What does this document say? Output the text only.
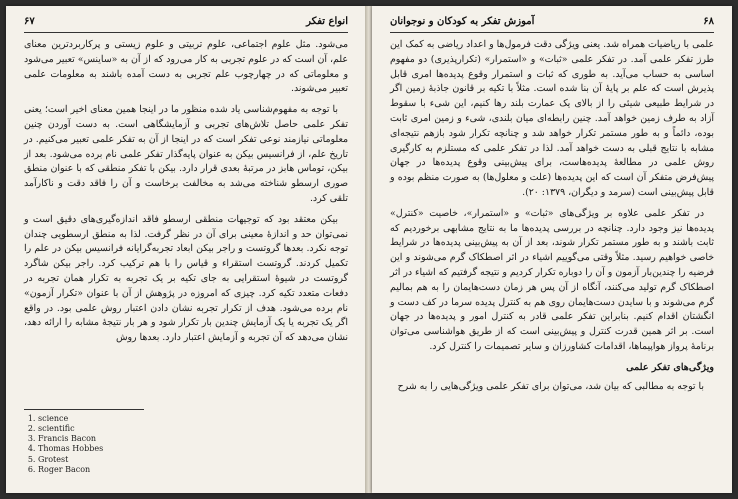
۶۷	انواع تفکر

می‌شود. مثل علوم اجتماعی، علوم تربیتی و علوم زیستی و پرکاربردترین معنای علم، آن است که در علوم تجربی به کار می‌رود که از آن به «ساینس» تعبیر می‌شود و معلوماتی که در چهارچوب علم تجربی به دست آمده باشند به معلومات علمی تعبیر می‌شوند.

با توجه به مفهوم‌شناسی یاد شده منظور ما در اینجا همین معنای اخیر است؛ یعنی تفکر علمی حاصل تلاش‌های تجربی و آزمایشگاهی است. به دست آوردن چنین معلوماتی نیازمند نوعی تفکر است که در اینجا از آن به تفکر علمی تعبیر می‌کنیم. در تاریخ علم، از فرانسیس بیکن به عنوان پایه‌گذار تفکر علمی نام برده می‌شود. بعد از بیکن، توماس هابز در مرتبهٔ بعدی قرار دارد. بیکن با تفکر منطقی که با عنوان منطق صوری ارسطو شناخته می‌شد به مخالفت برخاست و آن را فاقد دقت و ناکارآمد تلقی کرد.

بیکن معتقد بود که توجیهات منطقی ارسطو فاقد اندازه‌گیری‌های دقیق است و نمی‌توان حد و اندازهٔ معینی برای آن در نظر گرفت. لذا به منطق ارسطویی چندان توجه نکرد. بعدها گروتست و راجر بیکن ابعاد تجربه‌گرایانه فرانسیس بیکن در علم را تکمیل کردند. گروتست استقراء و قیاس را با هم ترکیب کرد. راجر بیکن شاگرد گروتست در شیوهٔ استقرایی به جای تکیه بر یک تجربه به تکرار همان تجربه در دفعات متعدد تکیه کرد. چیزی که امروزه در پژوهش از آن با عنوان «تکرار آزمون» نام برده می‌شود. هدف از تکرار تجربه نشان دادن اعتبار روش علمی بود. در واقع اگر یک تجربه یا یک آزمایش چندین بار تکرار شود و هر بار نتیجهٔ مشابه را ارائه دهد، نشان می‌دهد که آن تجربه و آزمایش اعتبار دارد. بعدها روش

1. science
2. scientific
3. Francis Bacon
4. Thomas Hobbes
5. Grotest
6. Roger Bacon
۶۸
آموزش تفکر به کودکان و نوجوانان

علمی با ریاضیات همراه شد. یعنی ویژگی دقت فرمول‌ها و اعداد ریاضی به کمک این طرز تفکر علمی آمد. در تفکر علمی «ثبات» و «استمرار» (تکرارپذیری) دو مفهوم اساسی به حساب می‌آید. به طوری که ثبات و استمرار وقوع پدیده‌ها امری قابل پذیرش است که علم بر پایهٔ آن بنا شده است. مثلاً با تکیه بر قانون جاذبهٔ زمین اگر در شرایط طبیعی شیئی را از بالای یک عمارت بلند رها کنیم، این شیء با سقوط آزاد به طرف زمین خواهد آمد. چنین رابطه‌ای میان بلندی، شیء و زمین امری ثابت بوده، دائماً و به طور مستمر تکرار خواهد شد و چنانچه تکرار شود بازهم نتیجه‌ای مشابه با نتایج قبلی به دست خواهد آمد. لذا در تفکر علمی که مستلزم به کارگیری روش علمی در مطالعهٔ پدیده‌هاست، برای پیش‌بینی وقوع پدیده‌ها در جهان پیش‌فرض متفکر آن است که این پدیده‌ها (علت و معلول‌ها) به صورت منظم بوده و قابل پیش‌بینی است (سرمد و دیگران، ۱۳۷۹: ۲۰).

در تفکر علمی علاوه بر ویژگی‌های «ثبات» و «استمرار»، خاصیت «کنترل» پدیده‌ها نیز وجود دارد. چنانچه در بررسی پدیده‌ها ما به نتایج مشابهی برخوردیم که ثابت باشند و به طور مستمر تکرار شوند، بعد از آن به پیش‌بینی پدیده‌ها در شرایط خاصی خواهیم رسید. مثلاً وقتی می‌گوییم اشیاء در اثر اصطکاک گرم می‌شوند و این فرضیه را چندین‌بار آزمون و آن را دوباره تکرار کردیم و نتیجه گرفتیم که اشیاء در اثر اصطکاک گرم تولید می‌کنند، آنگاه از آن پس هر زمان دست‌هایمان را به هم بمالیم گرم می‌شوند و با سایدن دست‌هایمان روی هم به کنترل پدیده سرما در کف دست و انگشتان اقدام کنیم. بنابراین تفکر علمی قادر به کنترل امور و پدیده‌ها در جهان است. بر اثر همین قدرت کنترل و پیش‌بینی است که از طریق هواشناسی می‌توان برنامهٔ پرواز هواپیماها، اقدامات کشاورزان و سایر تصمیمات را کنترل کرد.

ویژگی‌های تفکر علمی

با توجه به مطالبی که بیان شد، می‌توان برای تفکر علمی ویژگی‌هایی را به شرح
